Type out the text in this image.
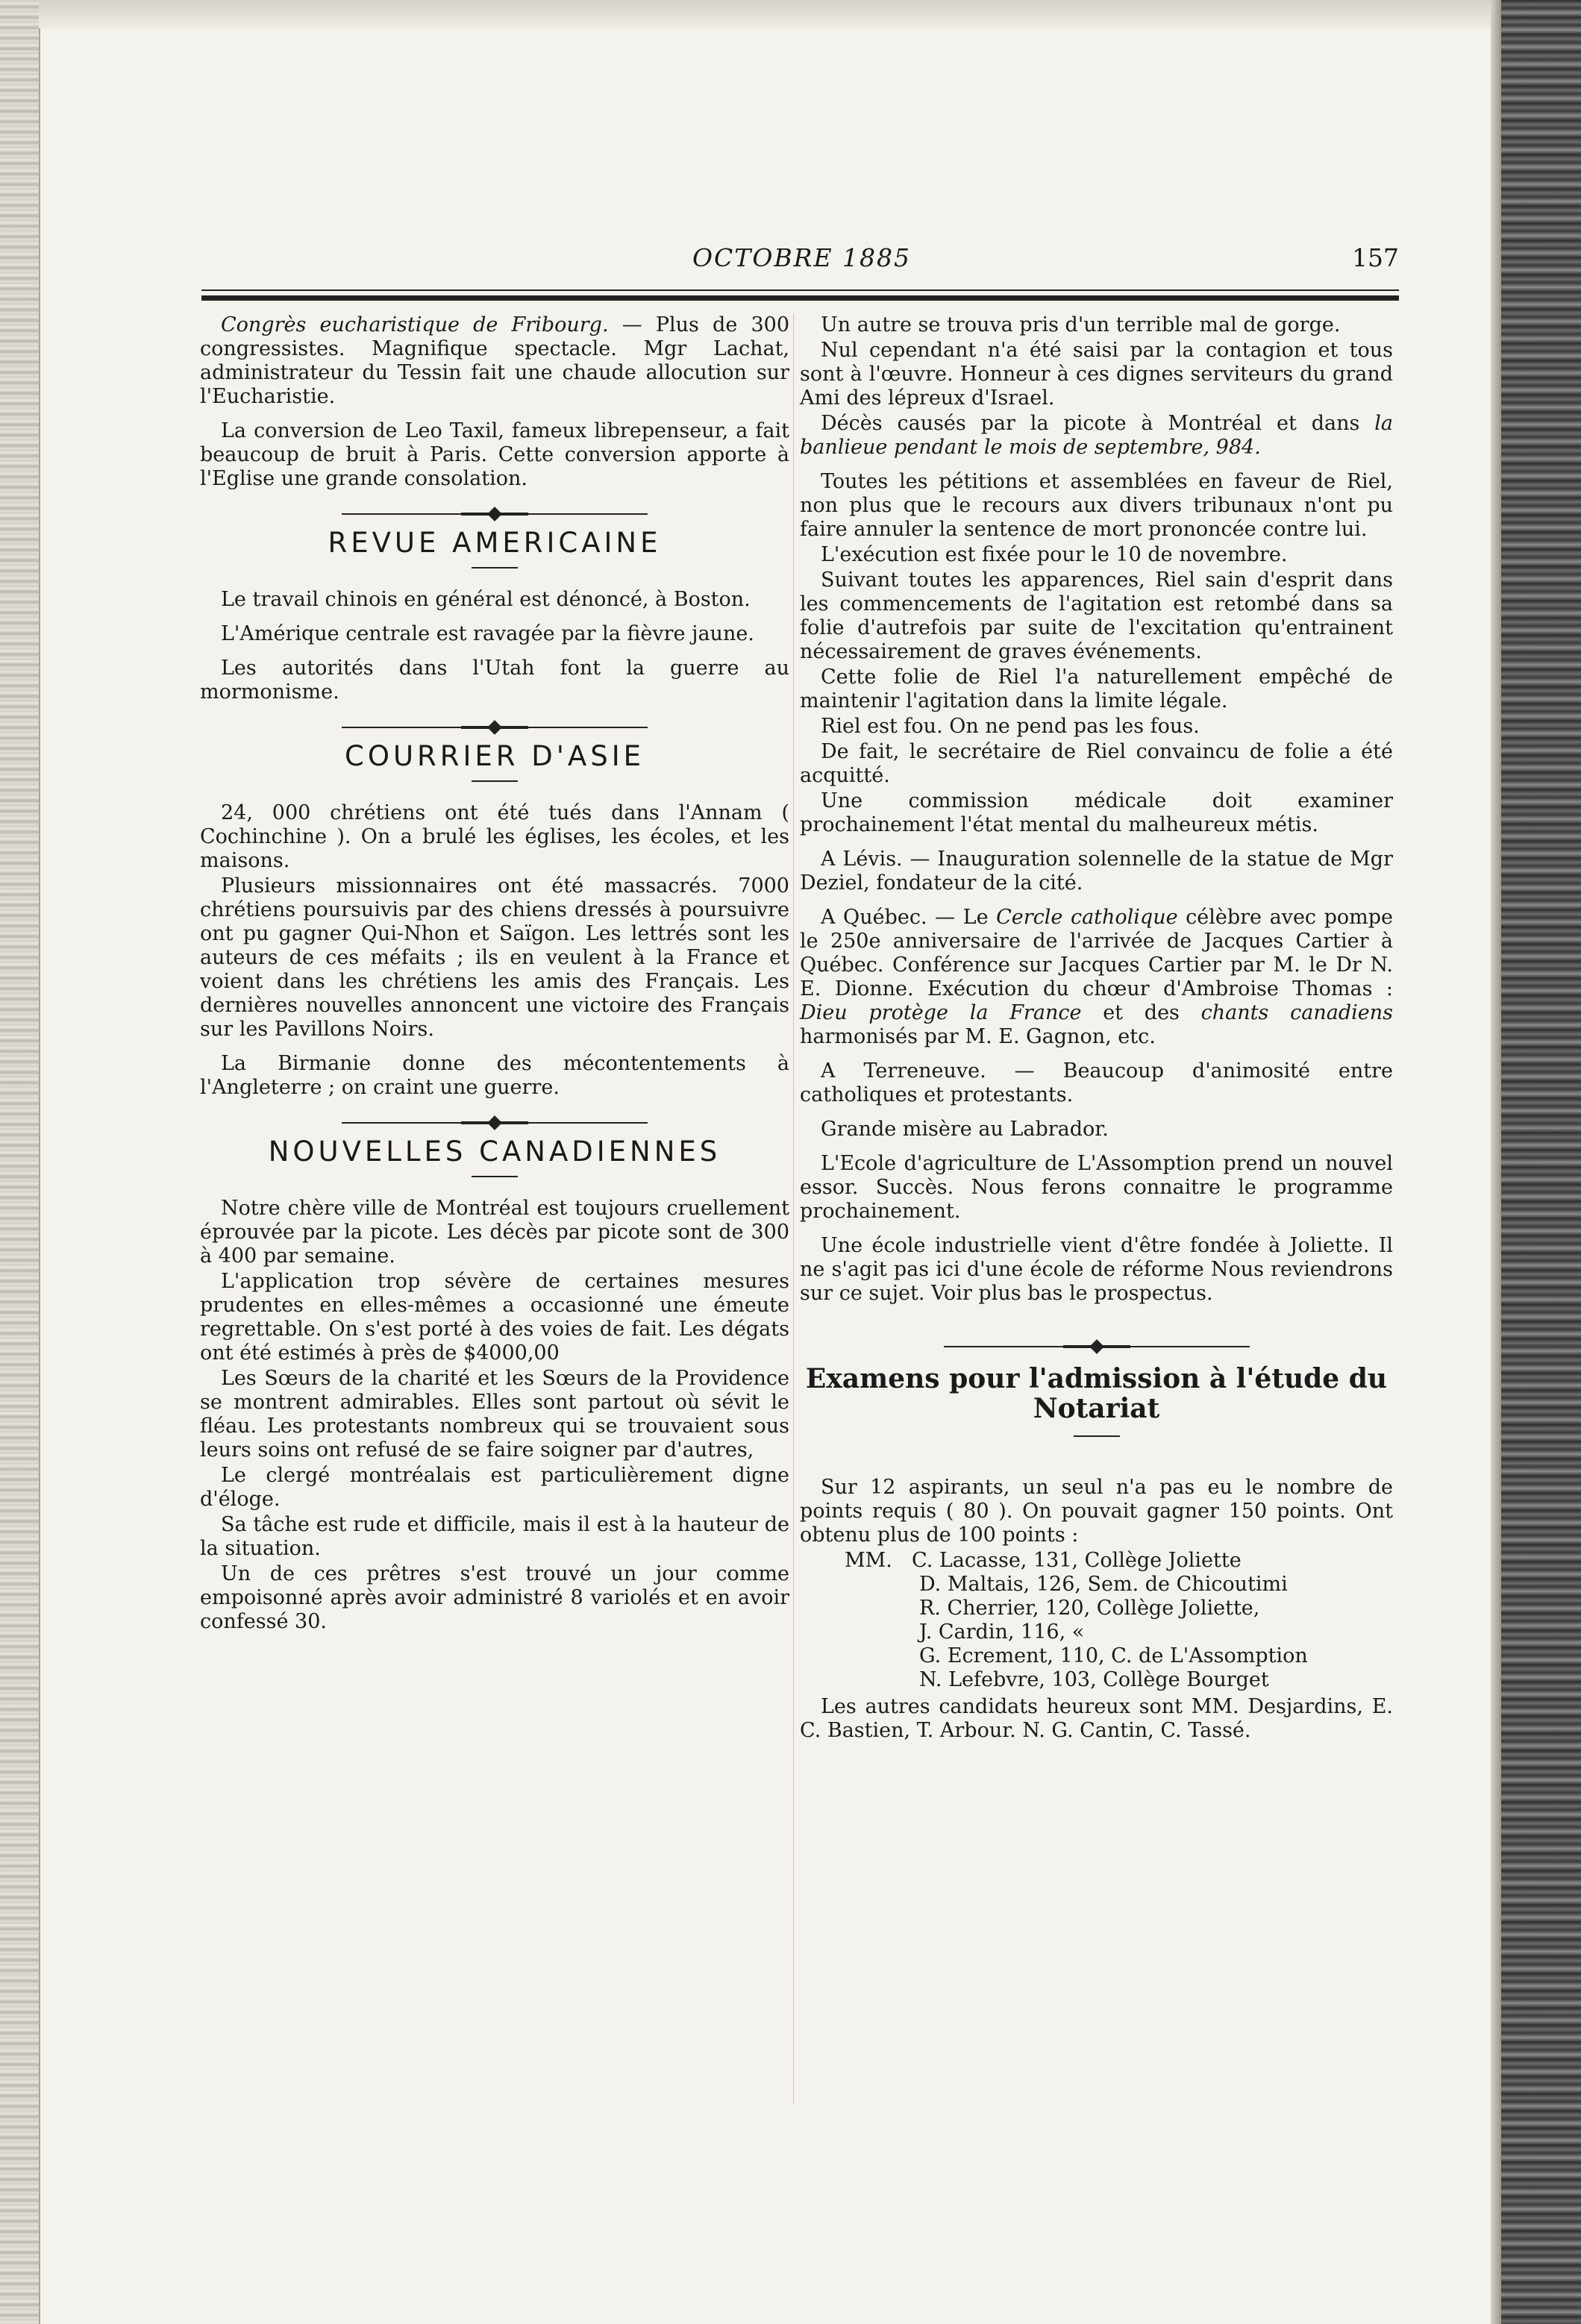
OCTOBRE 1885	157

Congrès eucharistique de Fribourg. — Plus de 300 congressistes. Magnifique spectacle. Mgr Lachat, administrateur du Tessin fait une chaude allocution sur l'Eucharistie.

La conversion de Leo Taxil, fameux librepenseur, a fait beaucoup de bruit à Paris. Cette conversion apporte à l'Eglise une grande consolation.

REVUE AMERICAINE

Le travail chinois en général est dénoncé, à Boston.

L'Amérique centrale est ravagée par la fièvre jaune.

Les autorités dans l'Utah font la guerre au mormonisme.

COURRIER D'ASIE

24, 000 chrétiens ont été tués dans l'Annam ( Cochinchine ). On a brulé les églises, les écoles, et les maisons.

Plusieurs missionnaires ont été massacrés. 7000 chrétiens poursuivis par des chiens dressés à poursuivre ont pu gagner Qui-Nhon et Saïgon. Les lettrés sont les auteurs de ces méfaits ; ils en veulent à la France et voient dans les chrétiens les amis des Français. Les dernières nouvelles annoncent une victoire des Français sur les Pavillons Noirs.

La Birmanie donne des mécontentements à l'Angleterre ; on craint une guerre.

NOUVELLES CANADIENNES

Notre chère ville de Montréal est toujours cruellement éprouvée par la picote. Les décès par picote sont de 300 à 400 par semaine.

L'application trop sévère de certaines mesures prudentes en elles-mêmes a occasionné une émeute regrettable. On s'est porté à des voies de fait. Les dégats ont été estimés à près de $4000,00

Les Sœurs de la charité et les Sœurs de la Providence se montrent admirables. Elles sont partout où sévit le fléau. Les protestants nombreux qui se trouvaient sous leurs soins ont refusé de se faire soigner par d'autres,

Le clergé montréalais est particulièrement digne d'éloge.

Sa tâche est rude et difficile, mais il est à la hauteur de la situation.

Un de ces prêtres s'est trouvé un jour comme empoisonné après avoir administré 8 variolés et en avoir confessé 30.

Un autre se trouva pris d'un terrible mal de gorge.

Nul cependant n'a été saisi par la contagion et tous sont à l'œuvre. Honneur à ces dignes serviteurs du grand Ami des lépreux d'Israel.

Décès causés par la picote à Montréal et dans la banlieue pendant le mois de septembre, 984.

Toutes les pétitions et assemblées en faveur de Riel, non plus que le recours aux divers tribunaux n'ont pu faire annuler la sentence de mort prononcée contre lui.

L'exécution est fixée pour le 10 de novembre.

Suivant toutes les apparences, Riel sain d'esprit dans les commencements de l'agitation est retombé dans sa folie d'autrefois par suite de l'excitation qu'entrainent nécessairement de graves événements.

Cette folie de Riel l'a naturellement empêché de maintenir l'agitation dans la limite légale.

Riel est fou. On ne pend pas les fous.

De fait, le secrétaire de Riel convaincu de folie a été acquitté.

Une commission médicale doit examiner prochainement l'état mental du malheureux métis.

A Lévis. — Inauguration solennelle de la statue de Mgr Deziel, fondateur de la cité.

A Québec. — Le Cercle catholique célèbre avec pompe le 250e anniversaire de l'arrivée de Jacques Cartier à Québec. Conférence sur Jacques Cartier par M. le Dr N. E. Dionne. Exécution du chœur d'Ambroise Thomas : Dieu protège la France et des chants canadiens harmonisés par M. E. Gagnon, etc.

A Terreneuve. — Beaucoup d'animosité entre catholiques et protestants.

Grande misère au Labrador.

L'Ecole d'agriculture de L'Assomption prend un nouvel essor. Succès. Nous ferons connaitre le programme prochainement.

Une école industrielle vient d'être fondée à Joliette. Il ne s'agit pas ici d'une école de réforme Nous reviendrons sur ce sujet. Voir plus bas le prospectus.

Examens pour l'admission à l'étude du Notariat

Sur 12 aspirants, un seul n'a pas eu le nombre de points requis ( 80 ). On pouvait gagner 150 points. Ont obtenu plus de 100 points :

MM. C. Lacasse, 131, Collège Joliette
D. Maltais, 126, Sem. de Chicoutimi
R. Cherrier, 120, Collège Joliette,
J. Cardin, 116, «
G. Ecrement, 110, C. de L'Assomption
N. Lefebvre, 103, Collège Bourget

Les autres candidats heureux sont MM. Desjardins, E. C. Bastien, T. Arbour. N. G. Cantin, C. Tassé.
